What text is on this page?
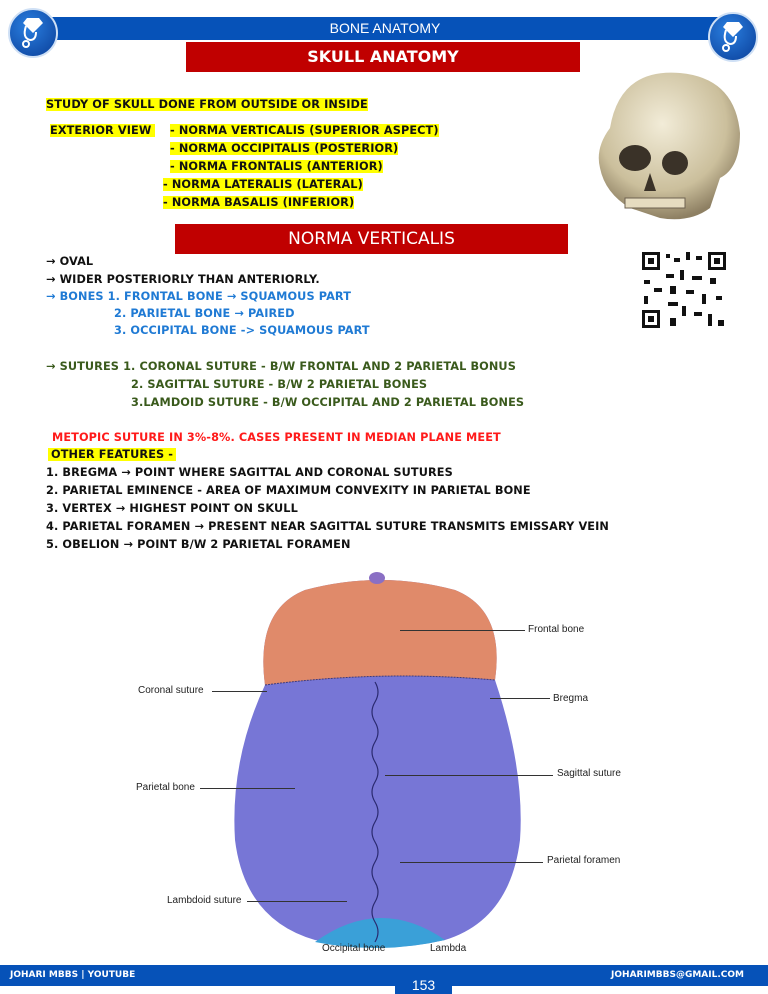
BONE ANATOMY
SKULL ANATOMY
STUDY OF SKULL DONE FROM OUTSIDE OR INSIDE
EXTERIOR VIEW	- NORMA VERTICALIS (SUPERIOR ASPECT)
- NORMA OCCIPITALIS (POSTERIOR)
- NORMA FRONTALIS (ANTERIOR)
- NORMA LATERALIS (LATERAL)
- NORMA BASALIS (INFERIOR)
NORMA VERTICALIS
→ OVAL
→ WIDER POSTERIORLY THAN ANTERIORLY.
→ BONES 1. FRONTAL BONE → SQUAMOUS PART
2. PARIETAL BONE → PAIRED
3. OCCIPITAL BONE -> SQUAMOUS PART
→ SUTURES 1. CORONAL SUTURE - B/W FRONTAL AND 2 PARIETAL BONUS
2. SAGITTAL SUTURE - B/W 2 PARIETAL BONES
3.LAMDOID SUTURE - B/W OCCIPITAL AND 2 PARIETAL BONES
METOPIC SUTURE IN 3%-8%. CASES PRESENT IN MEDIAN PLANE MEET
OTHER FEATURES -
1. BREGMA → POINT WHERE SAGITTAL AND CORONAL SUTURES
2. PARIETAL EMINENCE - AREA OF MAXIMUM CONVEXITY IN PARIETAL BONE
3. VERTEX → HIGHEST POINT ON SKULL
4. PARIETAL FORAMEN → PRESENT NEAR SAGITTAL SUTURE TRANSMITS EMISSARY VEIN
5. OBELION → POINT B/W 2 PARIETAL FORAMEN
Frontal bone
Coronal suture
Bregma
Sagittal suture
Parietal bone
Parietal foramen
Lambdoid suture
Occipital bone	Lambda
JOHARI MBBS | YOUTUBE	JOHARIMBBS@GMAIL.COM
153
